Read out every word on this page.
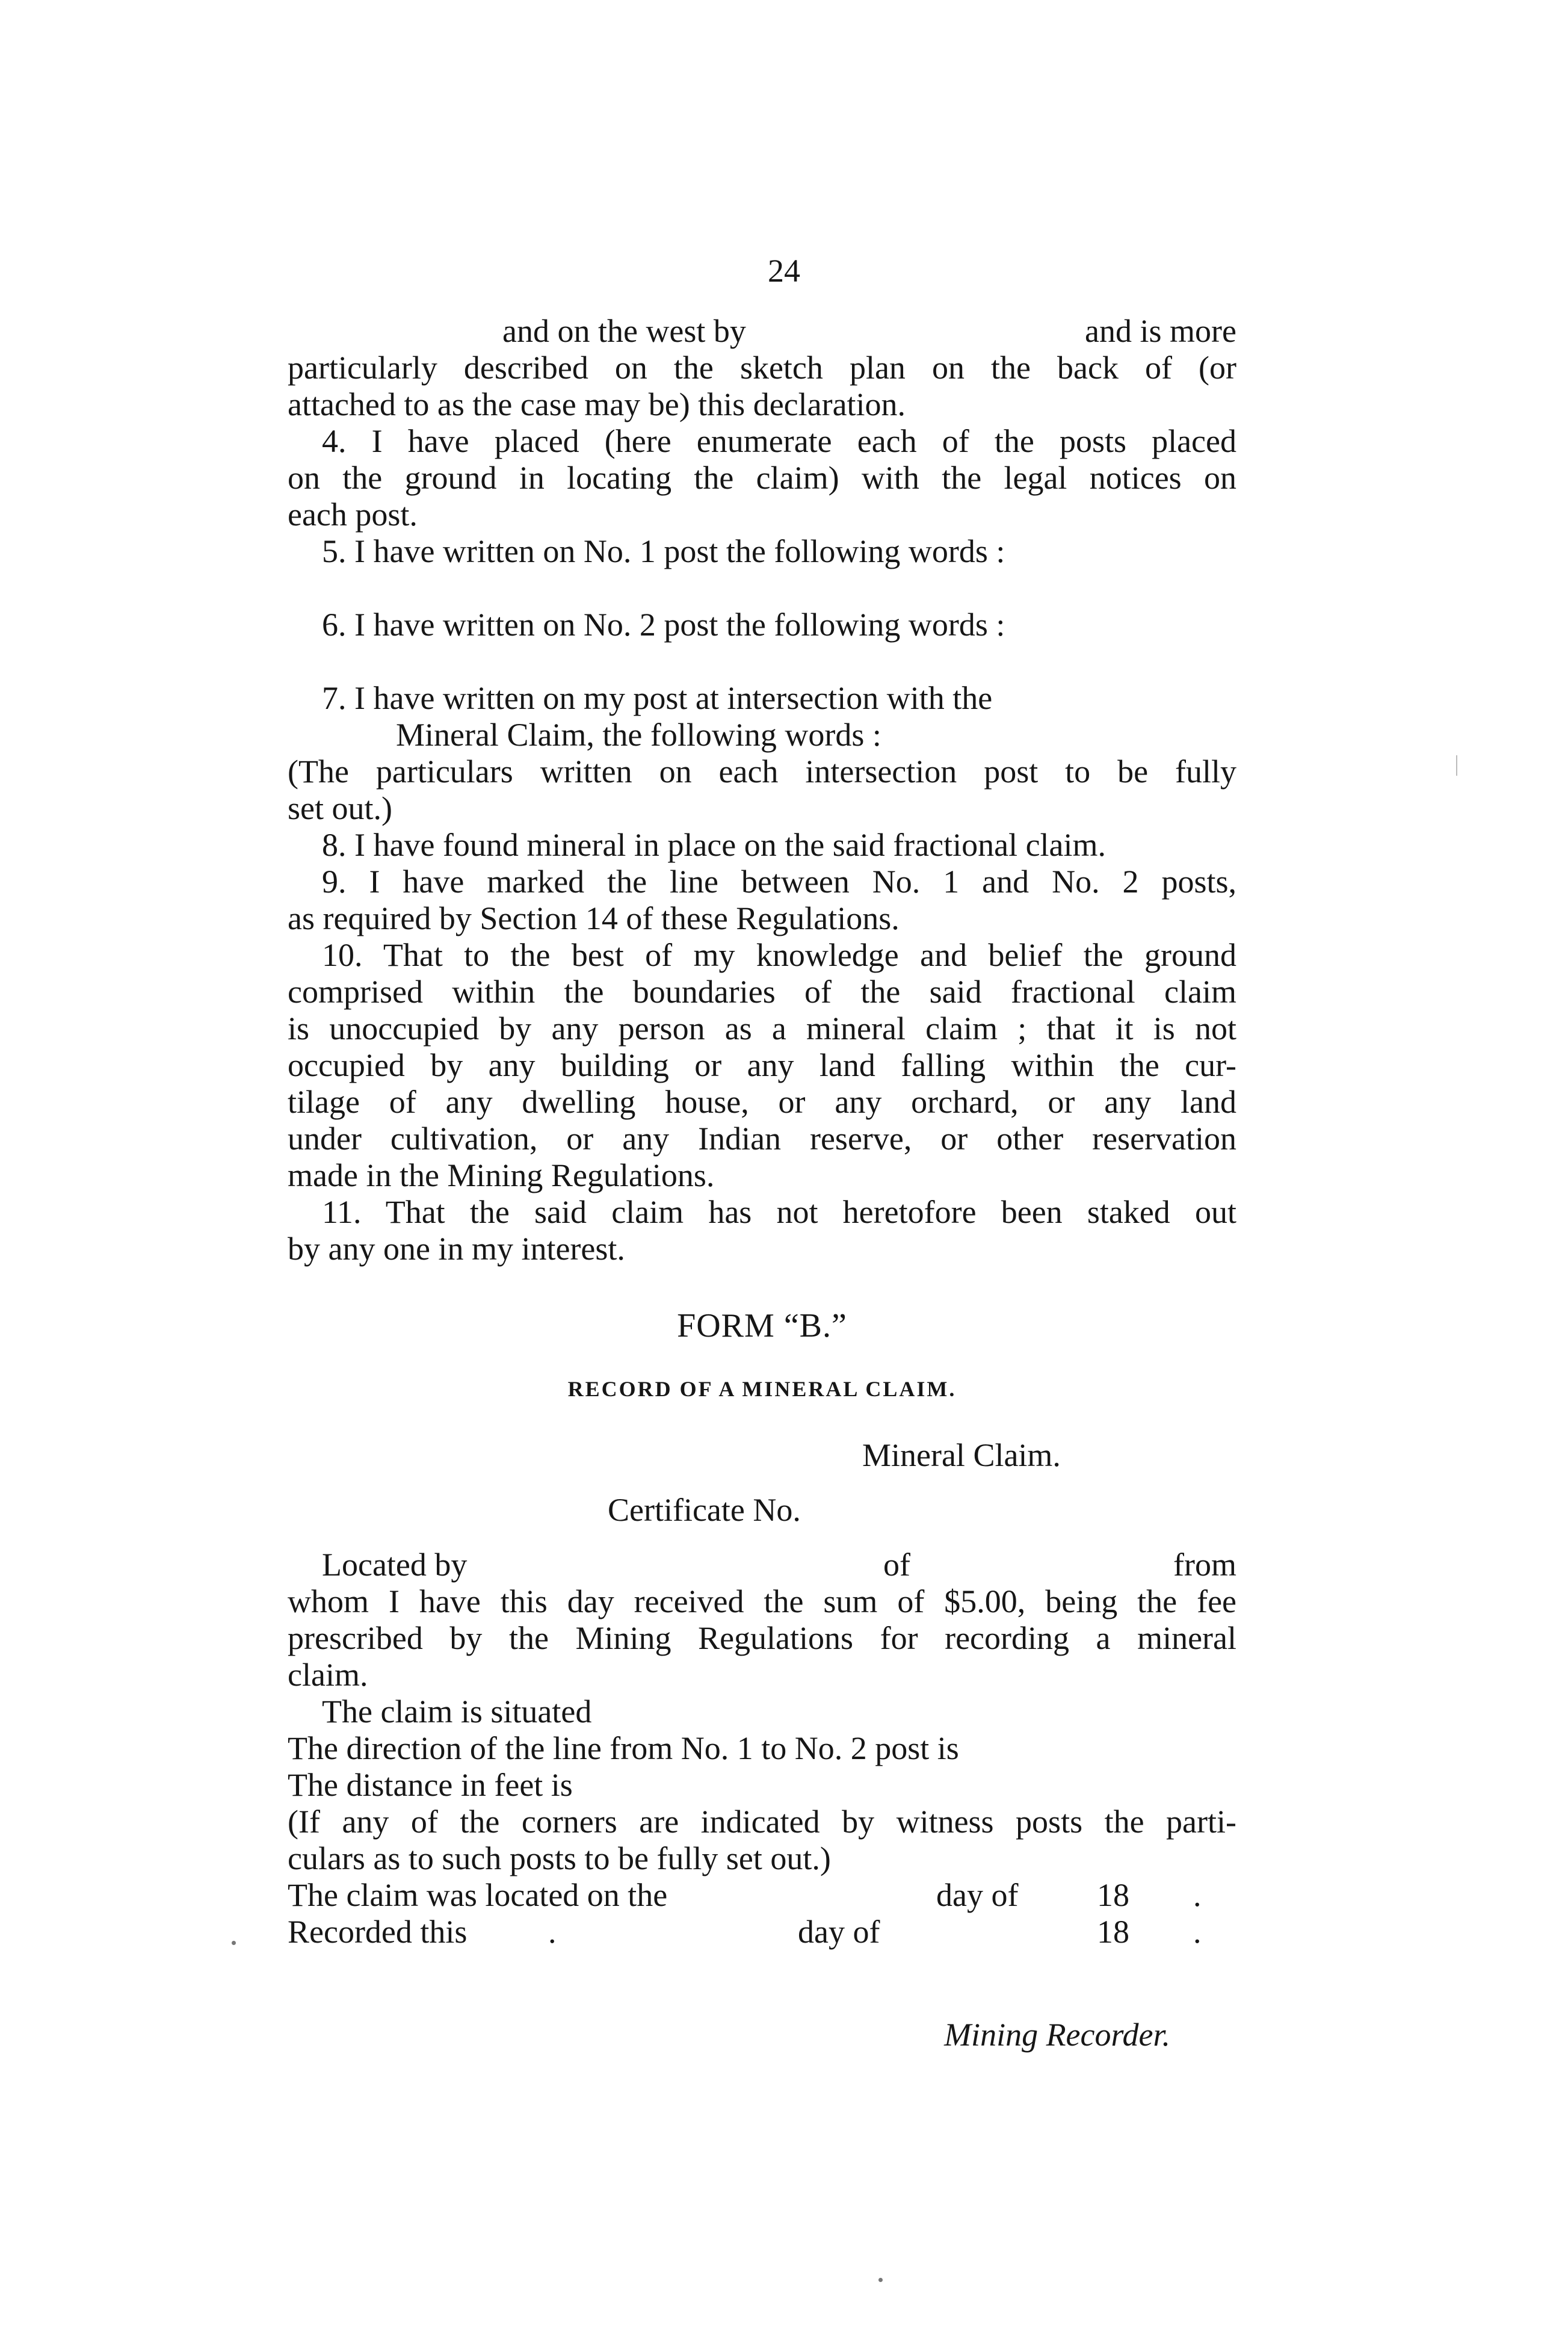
24
and on the west by	and is more
particularly described on the sketch plan on the back of (or
attached to as the case may be) this declaration.
4. I have placed (here enumerate each of the posts placed
on the ground in locating the claim) with the legal notices on
each post.
5. I have written on No. 1 post the following words :
6. I have written on No. 2 post the following words :
7. I have written on my post at intersection with the
Mineral Claim, the following words :
(The particulars written on each intersection post to be fully
set out.)
8. I have found mineral in place on the said fractional claim.
9. I have marked the line between No. 1 and No. 2 posts,
as required by Section 14 of these Regulations.
10. That to the best of my knowledge and belief the ground
comprised within the boundaries of the said fractional claim
is unoccupied by any person as a mineral claim ; that it is not
occupied by any building or any land falling within the cur-
tilage of any dwelling house, or any orchard, or any land
under cultivation, or any Indian reserve, or other reservation
made in the Mining Regulations.
11. That the said claim has not heretofore been staked out
by any one in my interest.
FORM “B.”
RECORD OF A MINERAL CLAIM.
Mineral Claim.
Certificate No.
Located by	of	from
whom I have this day received the sum of $5.00, being the fee
prescribed by the Mining Regulations for recording a mineral
claim.
The claim is situated
The direction of the line from No. 1 to No. 2 post is
The distance in feet is
(If any of the corners are indicated by witness posts the parti-
culars as to such posts to be fully set out.)
The claim was located on the	day of 18 .
Recorded this .	day of	18 .
Mining Recorder.
